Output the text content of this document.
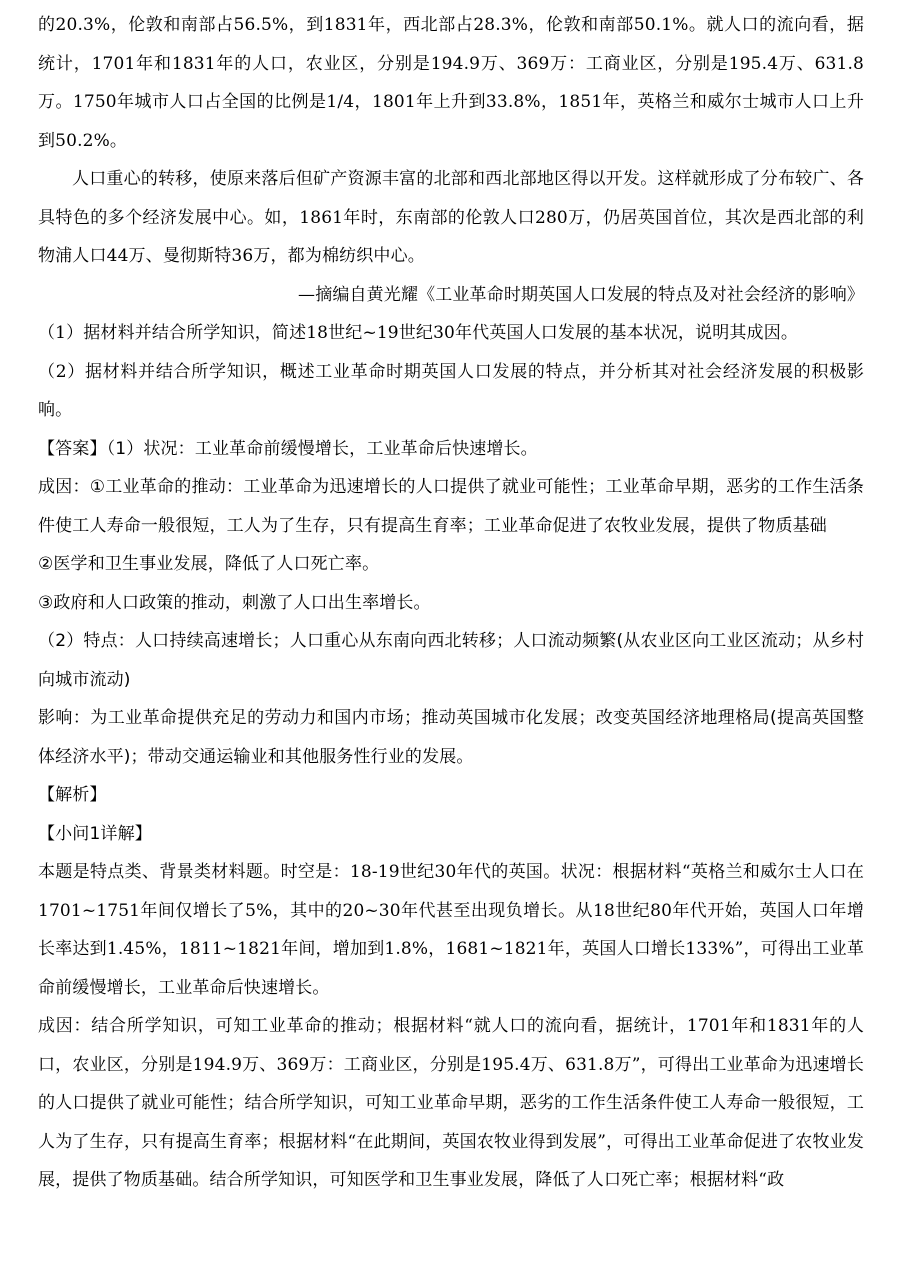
的20.3%，伦敦和南部占56.5%，到1831年，西北部占28.3%，伦敦和南部50.1%。就人口的流向看，据统计，1701年和1831年的人口，农业区，分别是194.9万、369万：工商业区，分别是195.4万、631.8万。1750年城市人口占全国的比例是1/4，1801年上升到33.8%，1851年，英格兰和威尔士城市人口上升到50.2%。

人口重心的转移，使原来落后但矿产资源丰富的北部和西北部地区得以开发。这样就形成了分布较广、各具特色的多个经济发展中心。如，1861年时，东南部的伦敦人口280万，仍居英国首位，其次是西北部的利物浦人口44万、曼彻斯特36万，都为棉纺织中心。

—摘编自黄光耀《工业革命时期英国人口发展的特点及对社会经济的影响》

（1）据材料并结合所学知识，简述18世纪~19世纪30年代英国人口发展的基本状况，说明其成因。

（2）据材料并结合所学知识，概述工业革命时期英国人口发展的特点，并分析其对社会经济发展的积极影响。

【答案】（1）状况：工业革命前缓慢增长，工业革命后快速增长。

成因：①工业革命的推动：工业革命为迅速增长的人口提供了就业可能性；工业革命早期，恶劣的工作生活条件使工人寿命一般很短，工人为了生存，只有提高生育率；工业革命促进了农牧业发展，提供了物质基础

②医学和卫生事业发展，降低了人口死亡率。

③政府和人口政策的推动，刺激了人口出生率增长。

（2）特点：人口持续高速增长；人口重心从东南向西北转移；人口流动频繁(从农业区向工业区流动；从乡村向城市流动)

影响：为工业革命提供充足的劳动力和国内市场；推动英国城市化发展；改变英国经济地理格局(提高英国整体经济水平)；带动交通运输业和其他服务性行业的发展。

【解析】

【小问1详解】

本题是特点类、背景类材料题。时空是：18-19世纪30年代的英国。状况：根据材料“英格兰和威尔士人口在1701~1751年间仅增长了5%，其中的20~30年代甚至出现负增长。从18世纪80年代开始，英国人口年增长率达到1.45%，1811~1821年间，增加到1.8%，1681~1821年，英国人口增长133%”，可得出工业革命前缓慢增长，工业革命后快速增长。

成因：结合所学知识，可知工业革命的推动；根据材料“就人口的流向看，据统计，1701年和1831年的人口，农业区，分别是194.9万、369万：工商业区，分别是195.4万、631.8万”，可得出工业革命为迅速增长的人口提供了就业可能性；结合所学知识，可知工业革命早期，恶劣的工作生活条件使工人寿命一般很短，工人为了生存，只有提高生育率；根据材料“在此期间，英国农牧业得到发展”，可得出工业革命促进了农牧业发展，提供了物质基础。结合所学知识，可知医学和卫生事业发展，降低了人口死亡率；根据材料“政
